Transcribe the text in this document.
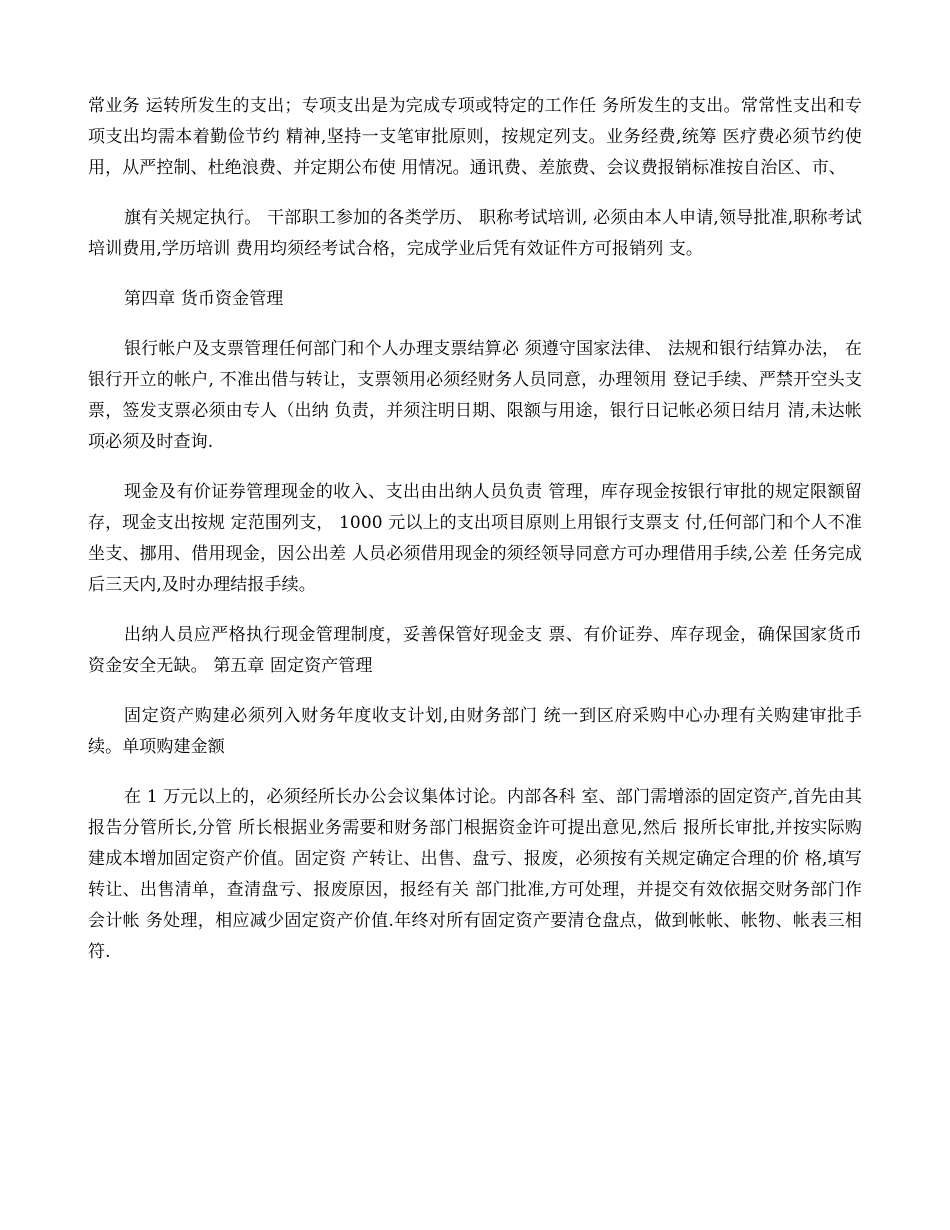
常业务 运转所发生的支出；专项支出是为完成专项或特定的工作任 务所发生的支出。常常性支出和专项支出均需本着勤俭节约 精神,坚持一支笔审批原则，按规定列支。业务经费,统筹 医疗费必须节约使用，从严控制、杜绝浪费、并定期公布使 用情况。通讯费、差旅费、会议费报销标准按自治区、市、

旗有关规定执行。 干部职工参加的各类学历、 职称考试培训, 必须由本人申请,领导批准,职称考试培训费用,学历培训 费用均须经考试合格，完成学业后凭有效证件方可报销列 支。

第四章 货币资金管理

银行帐户及支票管理任何部门和个人办理支票结算必 须遵守国家法律、 法规和银行结算办法， 在银行开立的帐户, 不准出借与转让，支票领用必须经财务人员同意，办理领用 登记手续、严禁开空头支票，签发支票必须由专人（出纳 负责，并须注明日期、限额与用途，银行日记帐必须日结月 清,未达帐项必须及时查询.

现金及有价证券管理现金的收入、支出由出纳人员负责 管理，库存现金按银行审批的规定限额留存，现金支出按规 定范围列支， 1000 元以上的支出项目原则上用银行支票支 付,任何部门和个人不准坐支、挪用、借用现金，因公出差 人员必须借用现金的须经领导同意方可办理借用手续,公差 任务完成后三天内,及时办理结报手续。

出纳人员应严格执行现金管理制度，妥善保管好现金支 票、有价证券、库存现金，确保国家货币资金安全无缺。 第五章 固定资产管理

固定资产购建必须列入财务年度收支计划,由财务部门 统一到区府采购中心办理有关购建审批手续。单项购建金额

在 1 万元以上的，必须经所长办公会议集体讨论。内部各科 室、部门需增添的固定资产,首先由其报告分管所长,分管 所长根据业务需要和财务部门根据资金许可提出意见,然后 报所长审批,并按实际购建成本增加固定资产价值。固定资 产转让、出售、盘亏、报废，必须按有关规定确定合理的价 格,填写转让、出售清单，查清盘亏、报废原因，报经有关 部门批准,方可处理，并提交有效依据交财务部门作会计帐 务处理，相应减少固定资产价值.年终对所有固定资产要清仓盘点，做到帐帐、帐物、帐表三相符.
